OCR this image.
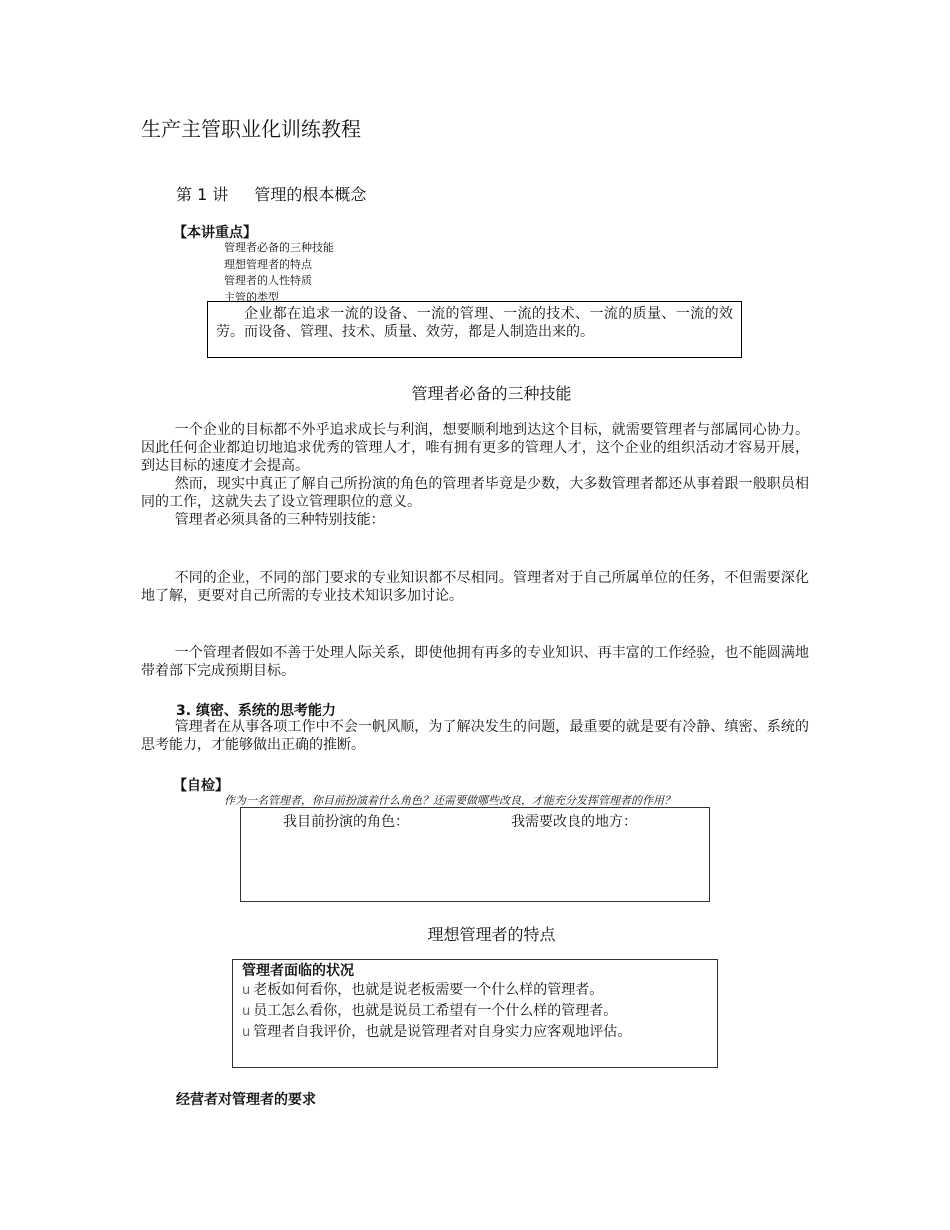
生产主管职业化训练教程
第 1 讲 管理的根本概念
【本讲重点】
管理者必备的三种技能
理想管理者的特点
管理者的人性特质
主管的类型

企业都在追求一流的设备、一流的管理、一流的技术、一流的质量、一流的效劳。而设备、管理、技术、质量、效劳，都是人制造出来的。

管理者必备的三种技能

一个企业的目标都不外乎追求成长与利润，想要顺利地到达这个目标，就需要管理者与部属同心协力。因此任何企业都迫切地追求优秀的管理人才，唯有拥有更多的管理人才，这个企业的组织活动才容易开展，到达目标的速度才会提高。

然而，现实中真正了解自己所扮演的角色的管理者毕竟是少数，大多数管理者都还从事着跟一般职员相同的工作，这就失去了设立管理职位的意义。

管理者必须具备的三种特别技能：

不同的企业，不同的部门要求的专业知识都不尽相同。管理者对于自己所属单位的任务，不但需要深化地了解，更要对自己所需的专业技术知识多加讨论。

一个管理者假如不善于处理人际关系，即使他拥有再多的专业知识、再丰富的工作经验，也不能圆满地带着部下完成预期目标。

3. 缜密、系统的思考能力

管理者在从事各项工作中不会一帆风顺，为了解决发生的问题，最重要的就是要有冷静、缜密、系统的思考能力，才能够做出正确的推断。

【自检】
作为一名管理者，你目前扮演着什么角色？还需要做哪些改良，才能充分发挥管理者的作用？
我目前扮演的角色：	我需要改良的地方：
理想管理者的特点
管理者面临的状况
u 老板如何看你，也就是说老板需要一个什么样的管理者。
u 员工怎么看你，也就是说员工希望有一个什么样的管理者。
u 管理者自我评价，也就是说管理者对自身实力应客观地评估。
经营者对管理者的要求
